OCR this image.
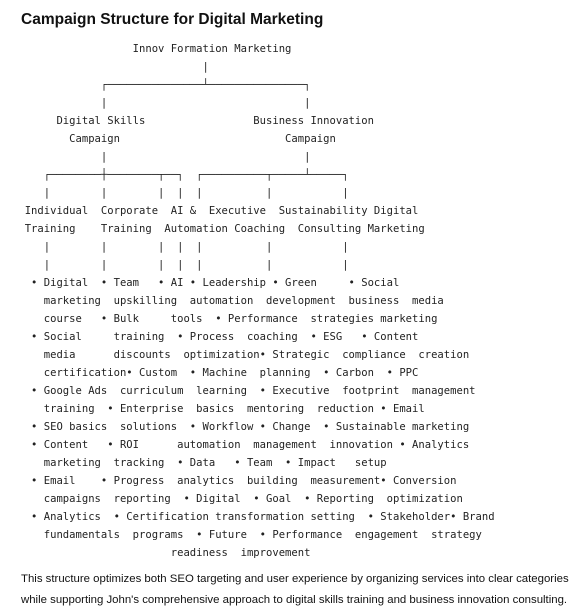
Campaign Structure for Digital Marketing
Innov Formation Marketing
|
┌───────────────┴───────────────┐
|                               |
Digital Skills                 Business Innovation
Campaign                          Campaign
|                               |
┌────────┼────────┬──┐  ┌──────────┬─────┴─────┐
|        |        |  |  |          |           |
Individual  Corporate  AI &  Executive  Sustainability Digital
Training    Training  Automation Coaching  Consulting Marketing
|        |        |  |  |          |           |
|        |        |  |  |          |           |
• Digital  • Team   • AI • Leadership • Green     • Social
marketing  upskilling  automation  development  business  media
course   • Bulk     tools  • Performance  strategies marketing
• Social     training  • Process  coaching  • ESG   • Content
media      discounts  optimization• Strategic  compliance  creation
certification• Custom  • Machine  planning  • Carbon  • PPC
• Google Ads  curriculum  learning  • Executive  footprint  management
training  • Enterprise  basics  mentoring  reduction • Email
• SEO basics  solutions  • Workflow • Change  • Sustainable marketing
• Content   • ROI      automation  management  innovation • Analytics
marketing  tracking  • Data   • Team  • Impact   setup
• Email    • Progress  analytics  building  measurement• Conversion
campaigns  reporting  • Digital  • Goal  • Reporting  optimization
• Analytics  • Certification transformation setting  • Stakeholder• Brand
fundamentals  programs  • Future  • Performance  engagement  strategy
readiness  improvement
This structure optimizes both SEO targeting and user experience by organizing services into clear categories
while supporting John's comprehensive approach to digital skills training and business innovation consulting.
